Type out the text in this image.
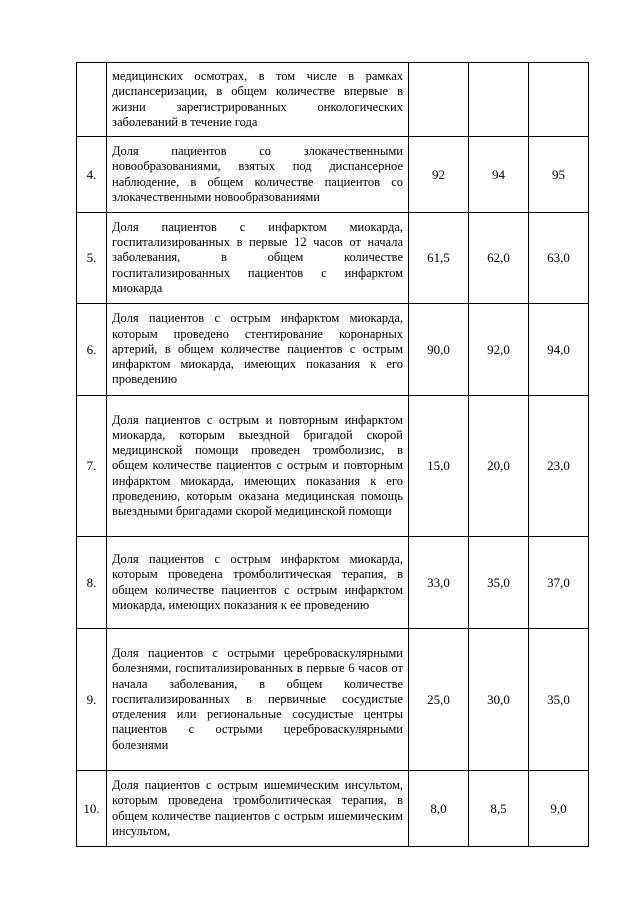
	медицинских осмотрах, в том числе в рамках диспансеризации, в общем количестве впервые в жизни зарегистрированных онкологических заболеваний в течение года			

4.	Доля пациентов со злокачественными новообразованиями, взятых под диспансерное наблюдение, в общем количестве пациентов со злокачественными новообразованиями	92	94	95
5.	Доля пациентов с инфарктом миокарда, госпитализированных в первые 12 часов от начала заболевания, в общем количестве госпитализированных пациентов с инфарктом миокарда	61,5	62,0	63,0
6.	Доля пациентов с острым инфарктом миокарда, которым проведено стентирование коронарных артерий, в общем количестве пациентов с острым инфарктом миокарда, имеющих показания к его проведению	90,0	92,0	94,0
7.	Доля пациентов с острым и повторным инфарктом миокарда, которым выездной бригадой скорой медицинской помощи проведен тромболизис, в общем количестве пациентов с острым и повторным инфарктом миокарда, имеющих показания к его проведению, которым оказана медицинская помощь выездными бригадами скорой медицинской помощи	15,0	20,0	23,0
8.	Доля пациентов с острым инфарктом миокарда, которым проведена тромболитическая терапия, в общем количестве пациентов с острым инфарктом миокарда, имеющих показания к ее проведению	33,0	35,0	37,0
9.	Доля пациентов с острыми цереброваскулярными болезнями, госпитализированных в первые 6 часов от начала заболевания, в общем количестве госпитализированных в первичные сосудистые отделения или региональные сосудистые центры пациентов с острыми цереброваскулярными болезнями	25,0	30,0	35,0
10.	Доля пациентов с острым ишемическим инсультом, которым проведена тромболитическая терапия, в общем количестве пациентов с острым ишемическим инсультом,	8,0	8,5	9,0
